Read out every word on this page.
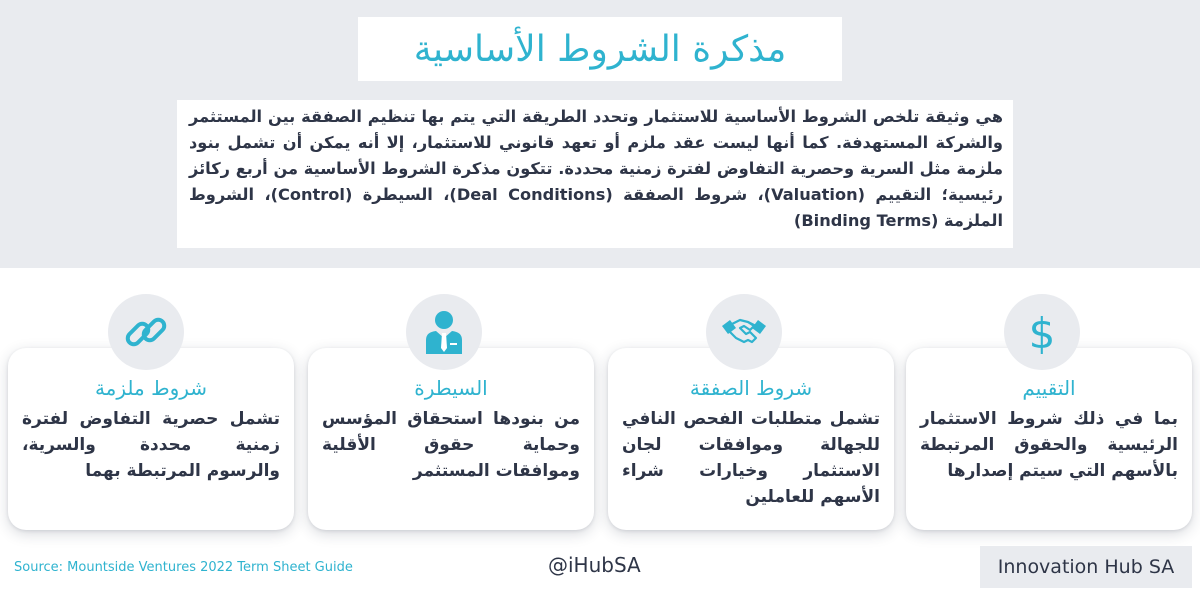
مذكرة الشروط الأساسية

هي وثيقة تلخص الشروط الأساسية للاستثمار وتحدد الطريقة التي يتم بها تنظيم الصفقة بين المستثمر والشركة المستهدفة. كما أنها ليست عقد ملزم أو تعهد قانوني للاستثمار، إلا أنه يمكن أن تشمل بنود ملزمة مثل السرية وحصرية التفاوض لفترة زمنية محددة. تتكون مذكرة الشروط الأساسية من أربع ركائز رئيسية؛ التقييم (Valuation)، شروط الصفقة (Deal Conditions)، السيطرة (Control)، الشروط الملزمة (Binding Terms)

$
التقييم

بما في ذلك شروط الاستثمار الرئيسية والحقوق المرتبطة بالأسهم التي سيتم إصدارها

شروط الصفقة

تشمل متطلبات الفحص النافي للجهالة وموافقات لجان الاستثمار وخيارات شراء الأسهم للعاملين

السيطرة

من بنودها استحقاق المؤسس وحماية حقوق الأقلية وموافقات المستثمر

شروط ملزمة

تشمل حصرية التفاوض لفترة زمنية محددة والسرية، والرسوم المرتبطة بهما

Source: Mountside Ventures 2022 Term Sheet Guide	@iHubSA	Innovation Hub SA
